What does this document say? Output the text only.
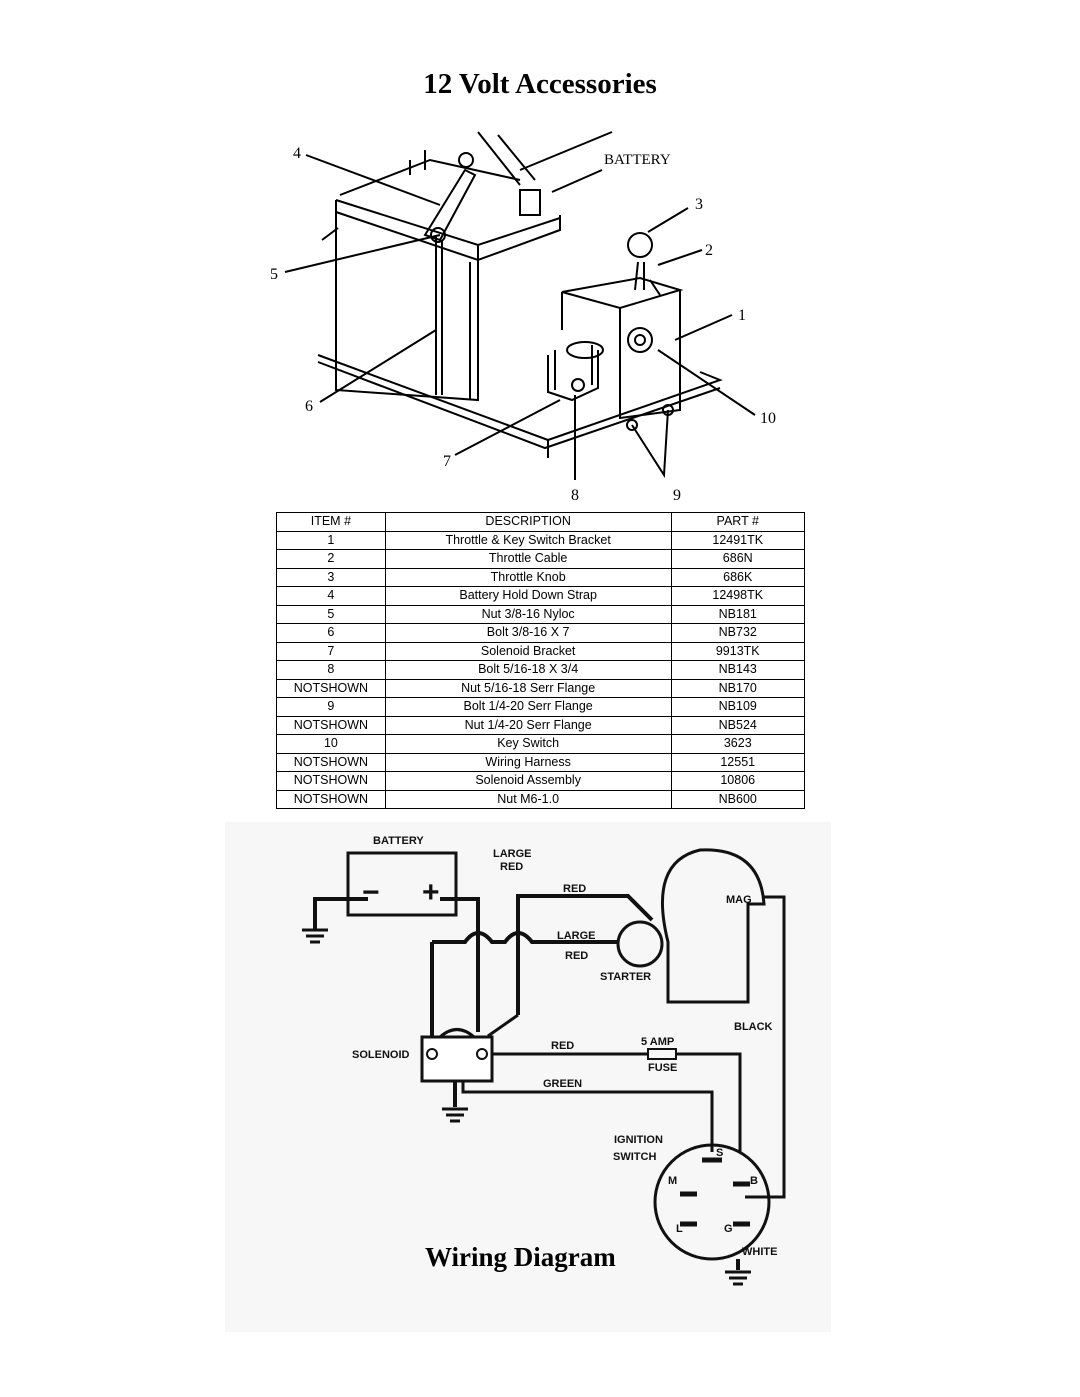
12 Volt Accessories
4	BATTERY
3
2
5
1
6
10
7
8	9
ITEM #	DESCRIPTION	PART #
1	Throttle & Key Switch Bracket	12491TK
2	Throttle Cable	686N
3	Throttle Knob	686K
4	Battery Hold Down Strap	12498TK
5	Nut 3/8-16 Nyloc	NB181
6	Bolt 3/8-16 X 7	NB732
7	Solenoid Bracket	9913TK
8	Bolt 5/16-18 X 3/4	NB143
NOTSHOWN	Nut 5/16-18 Serr Flange	NB170
9	Bolt 1/4-20 Serr Flange	NB109
NOTSHOWN	Nut 1/4-20 Serr Flange	NB524
10	Key Switch	3623
NOTSHOWN	Wiring Harness	12551
NOTSHOWN	Solenoid Assembly	10806
NOTSHOWN	Nut M6-1.0	NB600
BATTERY
LARGE
RED
RED
LARGE
RED
STARTER
MAG
BLACK
SOLENOID
RED	5 AMP
FUSE
GREEN
IGNITION
SWITCH	S
M	B
L	G
WHITE
− +
Wiring Diagram
